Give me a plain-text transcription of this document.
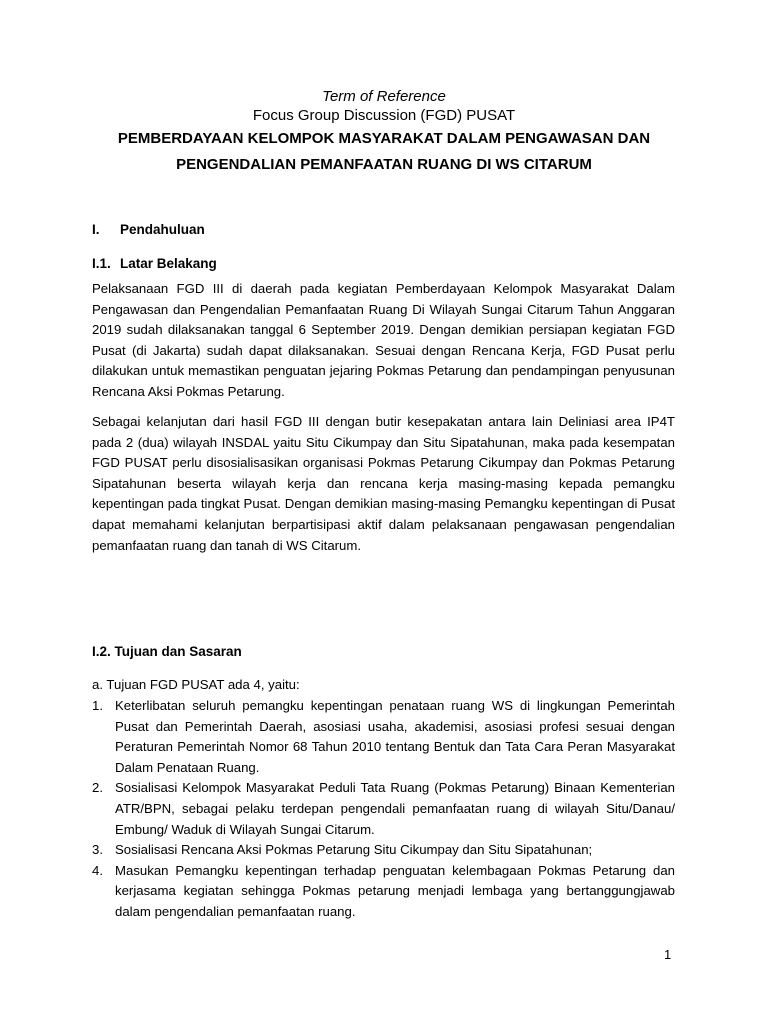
Term of Reference
Focus Group Discussion (FGD) PUSAT
PEMBERDAYAAN KELOMPOK MASYARAKAT DALAM PENGAWASAN DAN
PENGENDALIAN PEMANFAATAN RUANG DI WS CITARUM
I. Pendahuluan
I.1. Latar Belakang

Pelaksanaan FGD III di daerah pada kegiatan Pemberdayaan Kelompok Masyarakat Dalam Pengawasan dan Pengendalian Pemanfaatan Ruang Di Wilayah Sungai Citarum Tahun Anggaran 2019 sudah dilaksanakan tanggal 6 September 2019. Dengan demikian persiapan kegiatan FGD Pusat (di Jakarta) sudah dapat dilaksanakan. Sesuai dengan Rencana Kerja, FGD Pusat perlu dilakukan untuk memastikan penguatan jejaring Pokmas Petarung dan pendampingan penyusunan Rencana Aksi Pokmas Petarung.

Sebagai kelanjutan dari hasil FGD III dengan butir kesepakatan antara lain Deliniasi area IP4T pada 2 (dua) wilayah INSDAL yaitu Situ Cikumpay dan Situ Sipatahunan, maka pada kesempatan FGD PUSAT perlu disosialisasikan organisasi Pokmas Petarung Cikumpay dan Pokmas Petarung Sipatahunan beserta wilayah kerja dan rencana kerja masing-masing kepada pemangku kepentingan pada tingkat Pusat. Dengan demikian masing-masing Pemangku kepentingan di Pusat dapat memahami kelanjutan berpartisipasi aktif dalam pelaksanaan pengawasan pengendalian pemanfaatan ruang dan tanah di WS Citarum.

I.2. Tujuan dan Sasaran
a. Tujuan FGD PUSAT ada 4, yaitu:
1. Keterlibatan seluruh pemangku kepentingan penataan ruang WS di lingkungan Pemerintah Pusat dan Pemerintah Daerah, asosiasi usaha, akademisi, asosiasi profesi sesuai dengan Peraturan Pemerintah Nomor 68 Tahun 2010 tentang Bentuk dan Tata Cara Peran Masyarakat Dalam Penataan Ruang.
2. Sosialisasi Kelompok Masyarakat Peduli Tata Ruang (Pokmas Petarung) Binaan Kementerian ATR/BPN, sebagai pelaku terdepan pengendali pemanfaatan ruang di wilayah Situ/Danau/ Embung/ Waduk di Wilayah Sungai Citarum.
3. Sosialisasi Rencana Aksi Pokmas Petarung Situ Cikumpay dan Situ Sipatahunan;
4. Masukan Pemangku kepentingan terhadap penguatan kelembagaan Pokmas Petarung dan kerjasama kegiatan sehingga Pokmas petarung menjadi lembaga yang bertanggungjawab dalam pengendalian pemanfaatan ruang.
1
